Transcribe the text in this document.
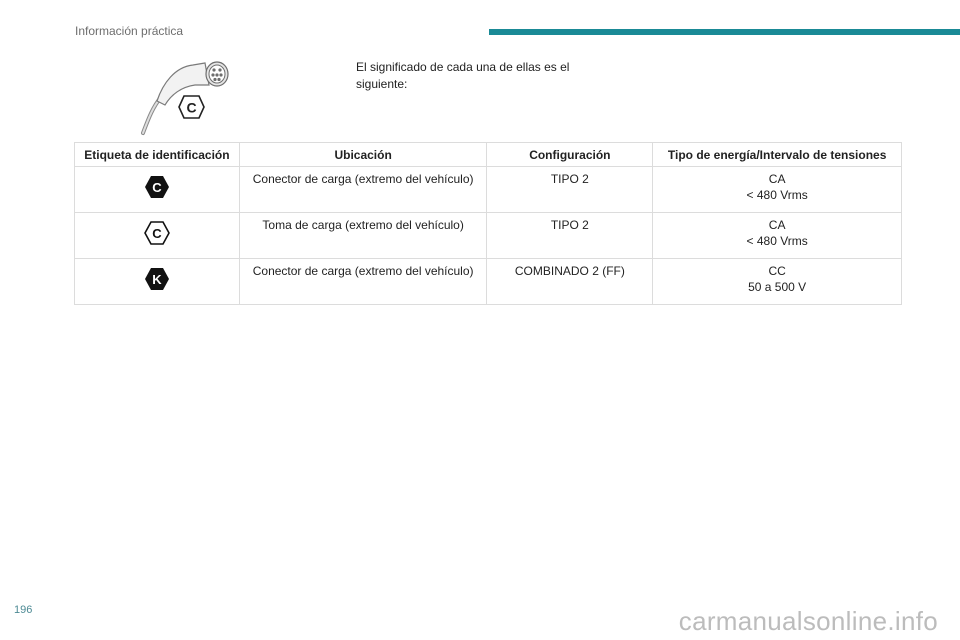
Información práctica
C
El significado de cada una de ellas es el siguiente:
Etiqueta de identificación	Ubicación	Configuración	Tipo de energía/Intervalo de tensiones

C	Conector de carga (extremo del vehículo)	TIPO 2	CA
< 480 Vrms

C	Toma de carga (extremo del vehículo)	TIPO 2	CA
< 480 Vrms

K	Conector de carga (extremo del vehículo)	COMBINADO 2 (FF)	CC
50 a 500 V
196	carmanualsonline.info
